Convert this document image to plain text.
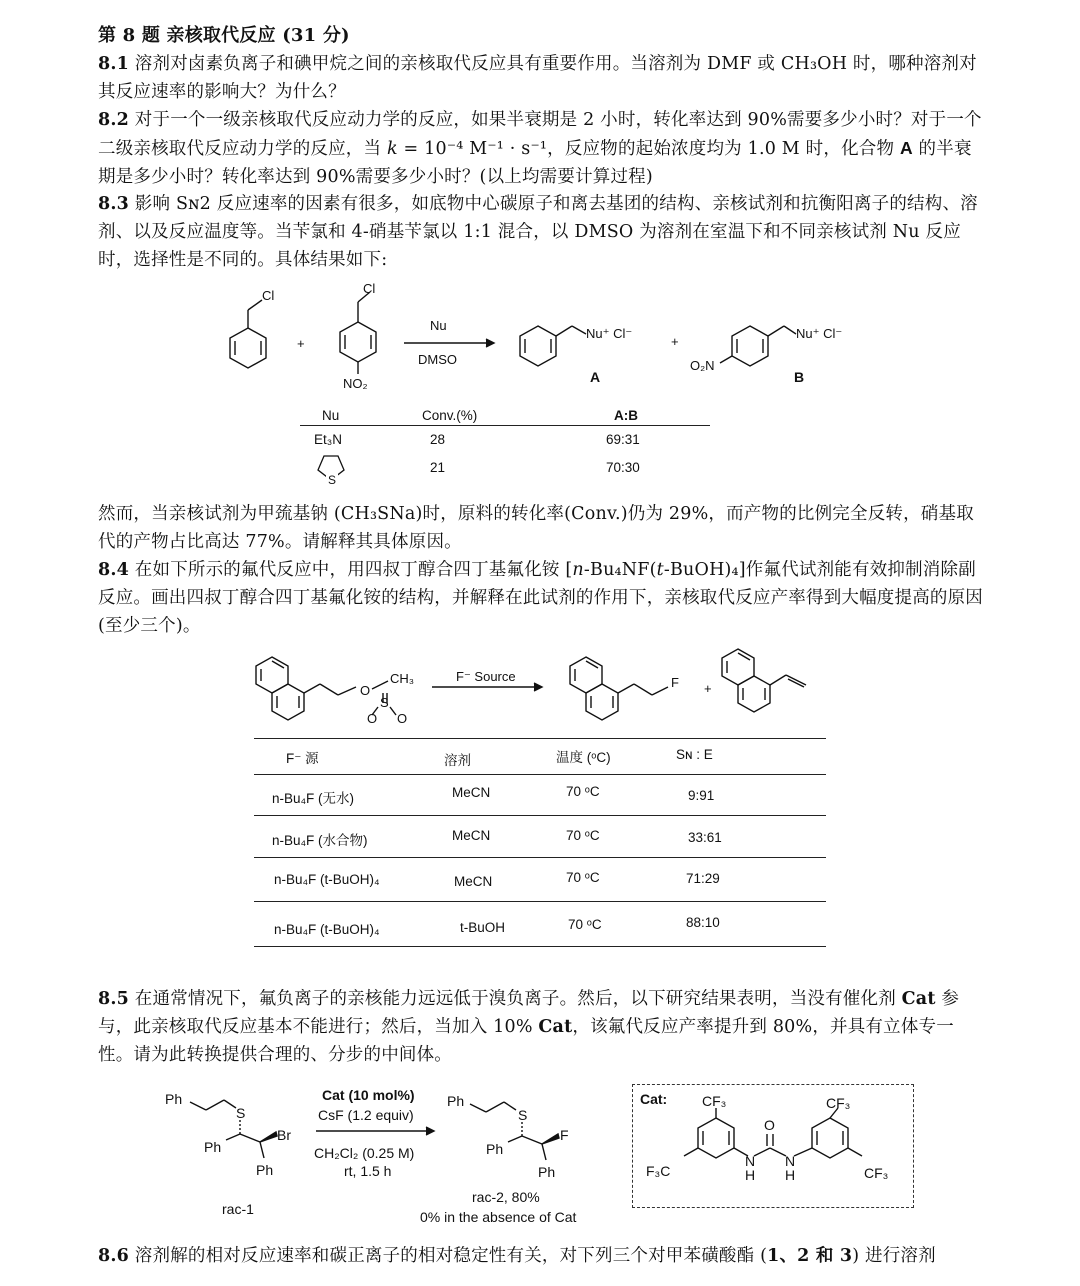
第 8 题 亲核取代反应 (31 分)
8.1 溶剂对卤素负离子和碘甲烷之间的亲核取代反应具有重要作用。当溶剂为 DMF 或 CH₃OH 时，哪种溶剂对其反应速率的影响大？为什么？
8.2 对于一个一级亲核取代反应动力学的反应，如果半衰期是 2 小时，转化率达到 90%需要多少小时？对于一个二级亲核取代反应动力学的反应，当 k = 10⁻⁴ M⁻¹ · s⁻¹，反应物的起始浓度均为 1.0 M 时，化合物 A 的半衰期是多少小时？转化率达到 90%需要多少小时？(以上均需要计算过程)
8.3 影响 Sɴ2 反应速率的因素有很多，如底物中心碳原子和离去基团的结构、亲核试剂和抗衡阳离子的结构、溶剂、以及反应温度等。当苄氯和 4-硝基苄氯以 1:1 混合，以 DMSO 为溶剂在室温下和不同亲核试剂 Nu 反应时，选择性是不同的。具体结果如下:
Cl	Cl
NO₂
+
Nu
DMSO
Nu⁺ Cl⁻
+
Nu⁺ Cl⁻
O₂N
A	B
Nu	Conv.(%)	A:B
Et₃N	28	69:31
S
21	70:30
然而，当亲核试剂为甲巯基钠 (CH₃SNa)时，原料的转化率(Conv.)仍为 29%，而产物的比例完全反转，硝基取代的产物占比高达 77%。请解释其具体原因。
8.4 在如下所示的氟代反应中，用四叔丁醇合四丁基氟化铵 [n-Bu₄NF(t-BuOH)₄]作氟代试剂能有效抑制消除副反应。画出四叔丁醇合四丁基氟化铵的结构，并解释在此试剂的作用下，亲核取代反应产率得到大幅度提高的原因(至少三个)。
CH₃
O
S
O O
F⁻ Source	F +
F⁻ 源	溶剂	温度 (ᵒC)	Sɴ : E
n-Bu₄F (无水)	MeCN	70 ᵒC	9:91
n-Bu₄F (水合物)	MeCN	70 ᵒC	33:61
n-Bu₄F (t-BuOH)₄	MeCN	70 ᵒC	71:29
n-Bu₄F (t-BuOH)₄	t-BuOH	70 ᵒC	88:10
8.5 在通常情况下，氟负离子的亲核能力远远低于溴负离子。然后，以下研究结果表明，当没有催化剂 Cat 参与，此亲核取代反应基本不能进行；然后，当加入 10% Cat，该氟代反应产率提升到 80%，并具有立体专一性。请为此转换提供合理的、分步的中间体。
Ph
S
Ph
Br
Ph
rac-1
Cat (10 mol%)
CsF (1.2 equiv)
CH₂Cl₂ (0.25 M)
rt, 1.5 h
Ph
S
Ph
F
Ph
rac-2, 80%
0% in the absence of Cat
Cat: CF₃	CF₃
F₃C	CF₃
O
N
H
N
H
8.6 溶剂解的相对反应速率和碳正离子的相对稳定性有关，对下列三个对甲苯磺酸酯 (1、2 和 3) 进行溶剂
